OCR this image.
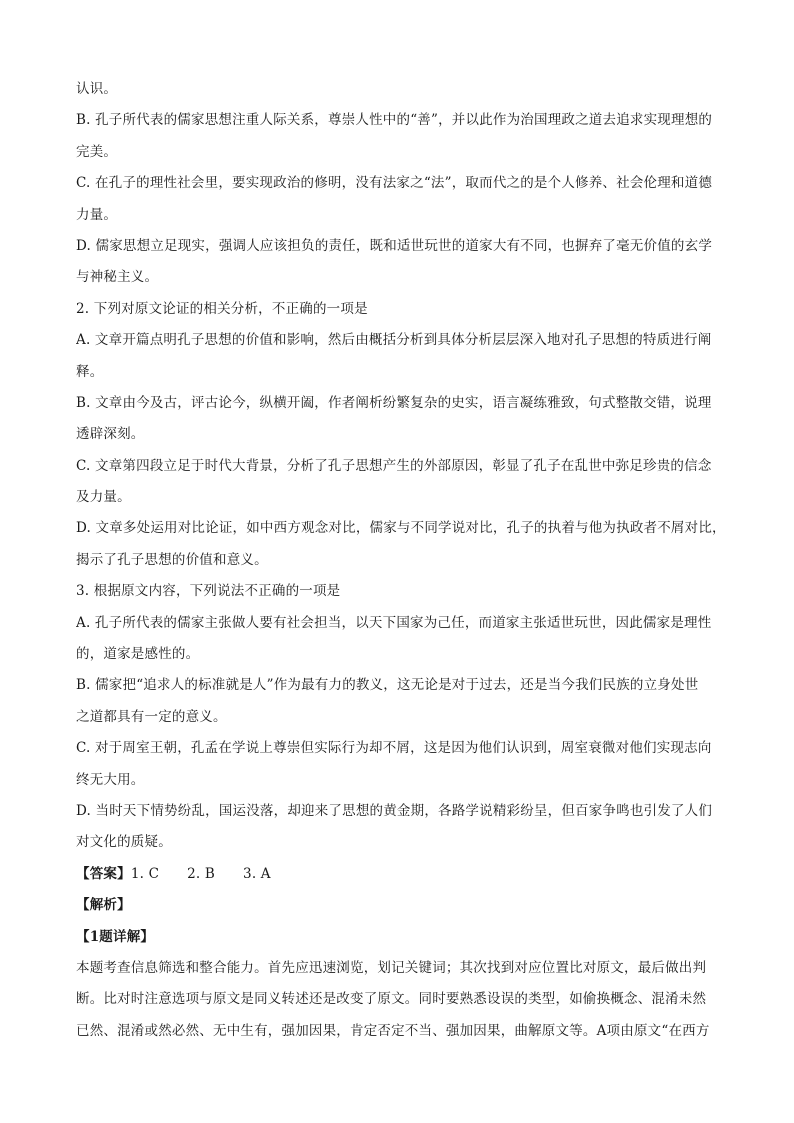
认识。
B. 孔子所代表的儒家思想注重人际关系，尊崇人性中的“善”，并以此作为治国理政之道去追求实现理想的
完美。
C. 在孔子的理性社会里，要实现政治的修明，没有法家之“法”，取而代之的是个人修养、社会伦理和道德
力量。
D. 儒家思想立足现实，强调人应该担负的责任，既和适世玩世的道家大有不同，也摒弃了毫无价值的玄学
与神秘主义。
2. 下列对原文论证的相关分析，不正确的一项是
A. 文章开篇点明孔子思想的价值和影响，然后由概括分析到具体分析层层深入地对孔子思想的特质进行阐
释。
B. 文章由今及古，评古论今，纵横开阖，作者阐析纷繁复杂的史实，语言凝练雅致，句式整散交错，说理
透辟深刻。
C. 文章第四段立足于时代大背景，分析了孔子思想产生的外部原因，彰显了孔子在乱世中弥足珍贵的信念
及力量。
D. 文章多处运用对比论证，如中西方观念对比，儒家与不同学说对比，孔子的执着与他为执政者不屑对比，
揭示了孔子思想的价值和意义。
3. 根据原文内容，下列说法不正确的一项是
A. 孔子所代表的儒家主张做人要有社会担当，以天下国家为己任，而道家主张适世玩世，因此儒家是理性
的，道家是感性的。
B. 儒家把“追求人的标准就是人”作为最有力的教义，这无论是对于过去，还是当今我们民族的立身处世
之道都具有一定的意义。
C. 对于周室王朝，孔孟在学说上尊崇但实际行为却不屑，这是因为他们认识到，周室衰微对他们实现志向
终无大用。
D. 当时天下情势纷乱，国运没落，却迎来了思想的黄金期，各路学说精彩纷呈，但百家争鸣也引发了人们
对文化的质疑。
【答案】1. C 2. B 3. A
【解析】
【1题详解】
本题考查信息筛选和整合能力。首先应迅速浏览，划记关键词；其次找到对应位置比对原文，最后做出判
断。比对时注意选项与原文是同义转述还是改变了原文。同时要熟悉设误的类型，如偷换概念、混淆未然
已然、混淆或然必然、无中生有，强加因果，肯定否定不当、强加因果，曲解原文等。A项由原文“在西方
